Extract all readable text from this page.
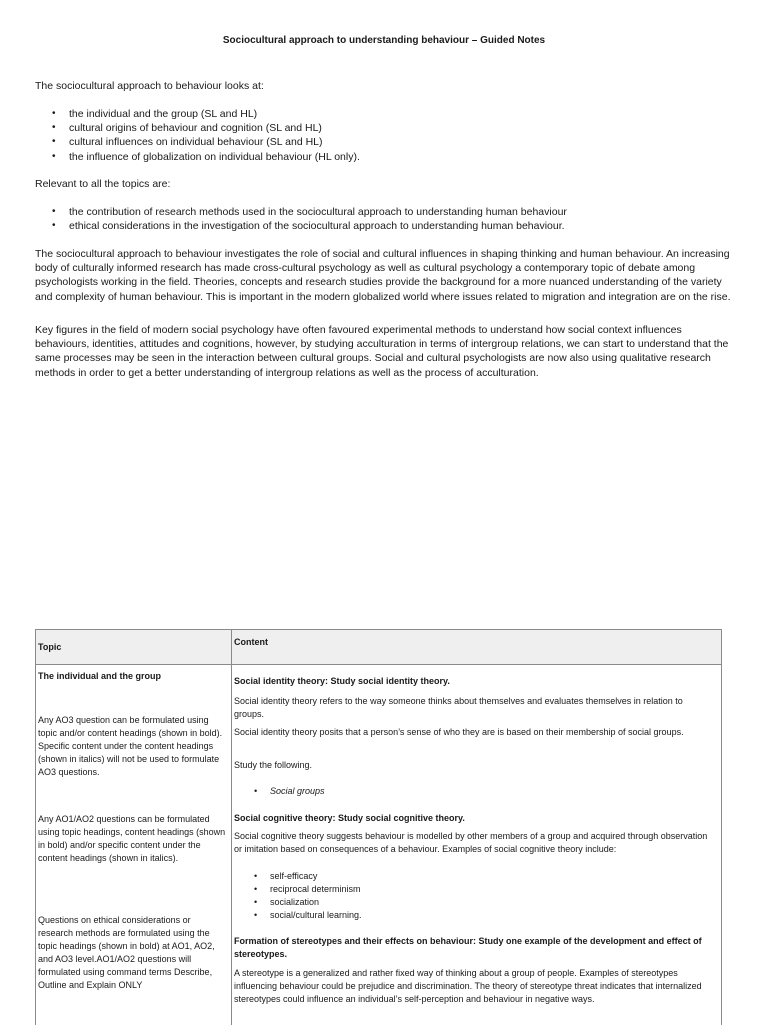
Sociocultural approach to understanding behaviour – Guided Notes

The sociocultural approach to behaviour looks at:

• the individual and the group (SL and HL)
• cultural origins of behaviour and cognition (SL and HL)
• cultural influences on individual behaviour (SL and HL)
• the influence of globalization on individual behaviour (HL only).

Relevant to all the topics are:

• the contribution of research methods used in the sociocultural approach to understanding human behaviour
• ethical considerations in the investigation of the sociocultural approach to understanding human behaviour.

The sociocultural approach to behaviour investigates the role of social and cultural influences in shaping thinking and human behaviour. An increasing body of culturally informed research has made cross-cultural psychology as well as cultural psychology a contemporary topic of debate among psychologists working in the field. Theories, concepts and research studies provide the background for a more nuanced understanding of the variety and complexity of human behaviour. This is important in the modern globalized world where issues related to migration and integration are on the rise.

Key figures in the field of modern social psychology have often favoured experimental methods to understand how social context influences behaviours, identities, attitudes and cognitions, however, by studying acculturation in terms of intergroup relations, we can start to understand that the same processes may be seen in the interaction between cultural groups. Social and cultural psychologists are now also using qualitative research methods in order to get a better understanding of intergroup relations as well as the process of acculturation.

Topic	Content

The individual and the group

Any AO3 question can be formulated using topic and/or content headings (shown in bold). Specific content under the content headings (shown in italics) will not be used to formulate AO3 questions.

Any AO1/AO2 questions can be formulated using topic headings, content headings (shown in bold) and/or specific content under the content headings (shown in italics).

Questions on ethical considerations or research methods are formulated using the topic headings (shown in bold) at AO1, AO2, and AO3 level.AO1/AO2 questions will formulated using command terms Describe, Outline and Explain ONLY

Social identity theory: Study social identity theory.

Social identity theory refers to the way someone thinks about themselves and evaluates themselves in relation to groups.

Social identity theory posits that a person’s sense of who they are is based on their membership of social groups.

Study the following.

• Social groups

Social cognitive theory: Study social cognitive theory.

Social cognitive theory suggests behaviour is modelled by other members of a group and acquired through observation or imitation based on consequences of a behaviour. Examples of social cognitive theory include:

• self-efficacy
• reciprocal determinism
• socialization
• social/cultural learning.

Formation of stereotypes and their effects on behaviour: Study one example of the development and effect of stereotypes.

A stereotype is a generalized and rather fixed way of thinking about a group of people. Examples of stereotypes influencing behaviour could be prejudice and discrimination. The theory of stereotype threat indicates that internalized stereotypes could influence an individual’s self-perception and behaviour in negative ways.
